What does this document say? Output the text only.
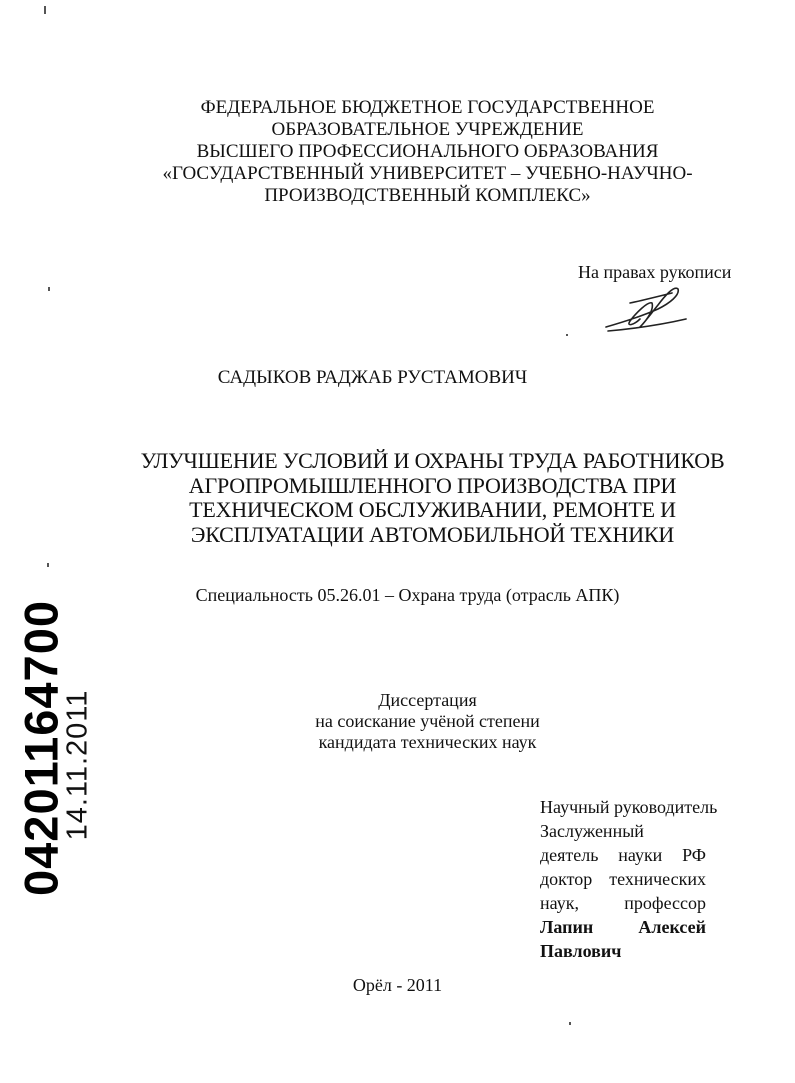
ФЕДЕРАЛЬНОЕ БЮДЖЕТНОЕ ГОСУДАРСТВЕННОЕ
ОБРАЗОВАТЕЛЬНОЕ УЧРЕЖДЕНИЕ
ВЫСШЕГО ПРОФЕССИОНАЛЬНОГО ОБРАЗОВАНИЯ
«ГОСУДАРСТВЕННЫЙ УНИВЕРСИТЕТ – УЧЕБНО-НАУЧНО-
ПРОИЗВОДСТВЕННЫЙ КОМПЛЕКС»
На правах рукописи
САДЫКОВ РАДЖАБ РУСТАМОВИЧ
УЛУЧШЕНИЕ УСЛОВИЙ И ОХРАНЫ ТРУДА РАБОТНИКОВ
АГРОПРОМЫШЛЕННОГО ПРОИЗВОДСТВА ПРИ
ТЕХНИЧЕСКОМ ОБСЛУЖИВАНИИ, РЕМОНТЕ И
ЭКСПЛУАТАЦИИ АВТОМОБИЛЬНОЙ ТЕХНИКИ
Специальность 05.26.01 – Охрана труда (отрасль АПК)
Диссертация
на соискание учёной степени
кандидата технических наук
Научный руководитель
Заслуженный
деятель науки РФ
доктор технических
наук, профессор
Лапин Алексей
Павлович
Орёл - 2011
04201164700
14.11.2011
